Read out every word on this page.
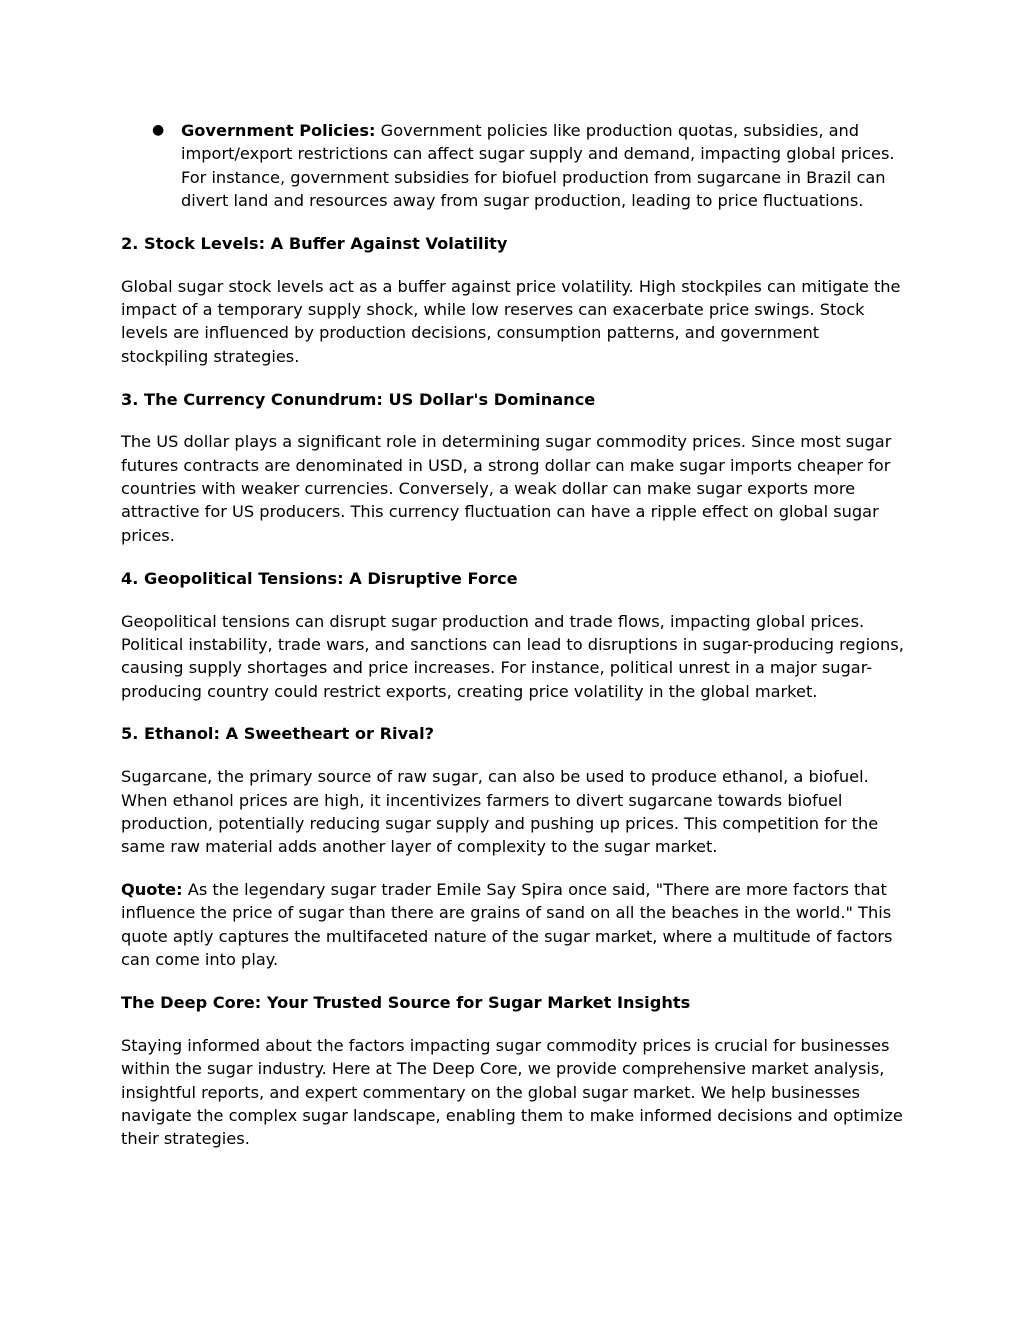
● Government Policies: Government policies like production quotas, subsidies, and import/export restrictions can affect sugar supply and demand, impacting global prices. For instance, government subsidies for biofuel production from sugarcane in Brazil can divert land and resources away from sugar production, leading to price fluctuations.
2. Stock Levels: A Buffer Against Volatility
Global sugar stock levels act as a buffer against price volatility. High stockpiles can mitigate the impact of a temporary supply shock, while low reserves can exacerbate price swings. Stock levels are influenced by production decisions, consumption patterns, and government stockpiling strategies.
3. The Currency Conundrum: US Dollar's Dominance
The US dollar plays a significant role in determining sugar commodity prices. Since most sugar futures contracts are denominated in USD, a strong dollar can make sugar imports cheaper for countries with weaker currencies. Conversely, a weak dollar can make sugar exports more attractive for US producers. This currency fluctuation can have a ripple effect on global sugar prices.
4. Geopolitical Tensions: A Disruptive Force
Geopolitical tensions can disrupt sugar production and trade flows, impacting global prices. Political instability, trade wars, and sanctions can lead to disruptions in sugar-producing regions, causing supply shortages and price increases. For instance, political unrest in a major sugar-producing country could restrict exports, creating price volatility in the global market.
5. Ethanol: A Sweetheart or Rival?
Sugarcane, the primary source of raw sugar, can also be used to produce ethanol, a biofuel. When ethanol prices are high, it incentivizes farmers to divert sugarcane towards biofuel production, potentially reducing sugar supply and pushing up prices. This competition for the same raw material adds another layer of complexity to the sugar market.
Quote: As the legendary sugar trader Emile Say Spira once said, "There are more factors that influence the price of sugar than there are grains of sand on all the beaches in the world." This quote aptly captures the multifaceted nature of the sugar market, where a multitude of factors can come into play.
The Deep Core: Your Trusted Source for Sugar Market Insights
Staying informed about the factors impacting sugar commodity prices is crucial for businesses within the sugar industry. Here at The Deep Core, we provide comprehensive market analysis, insightful reports, and expert commentary on the global sugar market. We help businesses navigate the complex sugar landscape, enabling them to make informed decisions and optimize their strategies.
